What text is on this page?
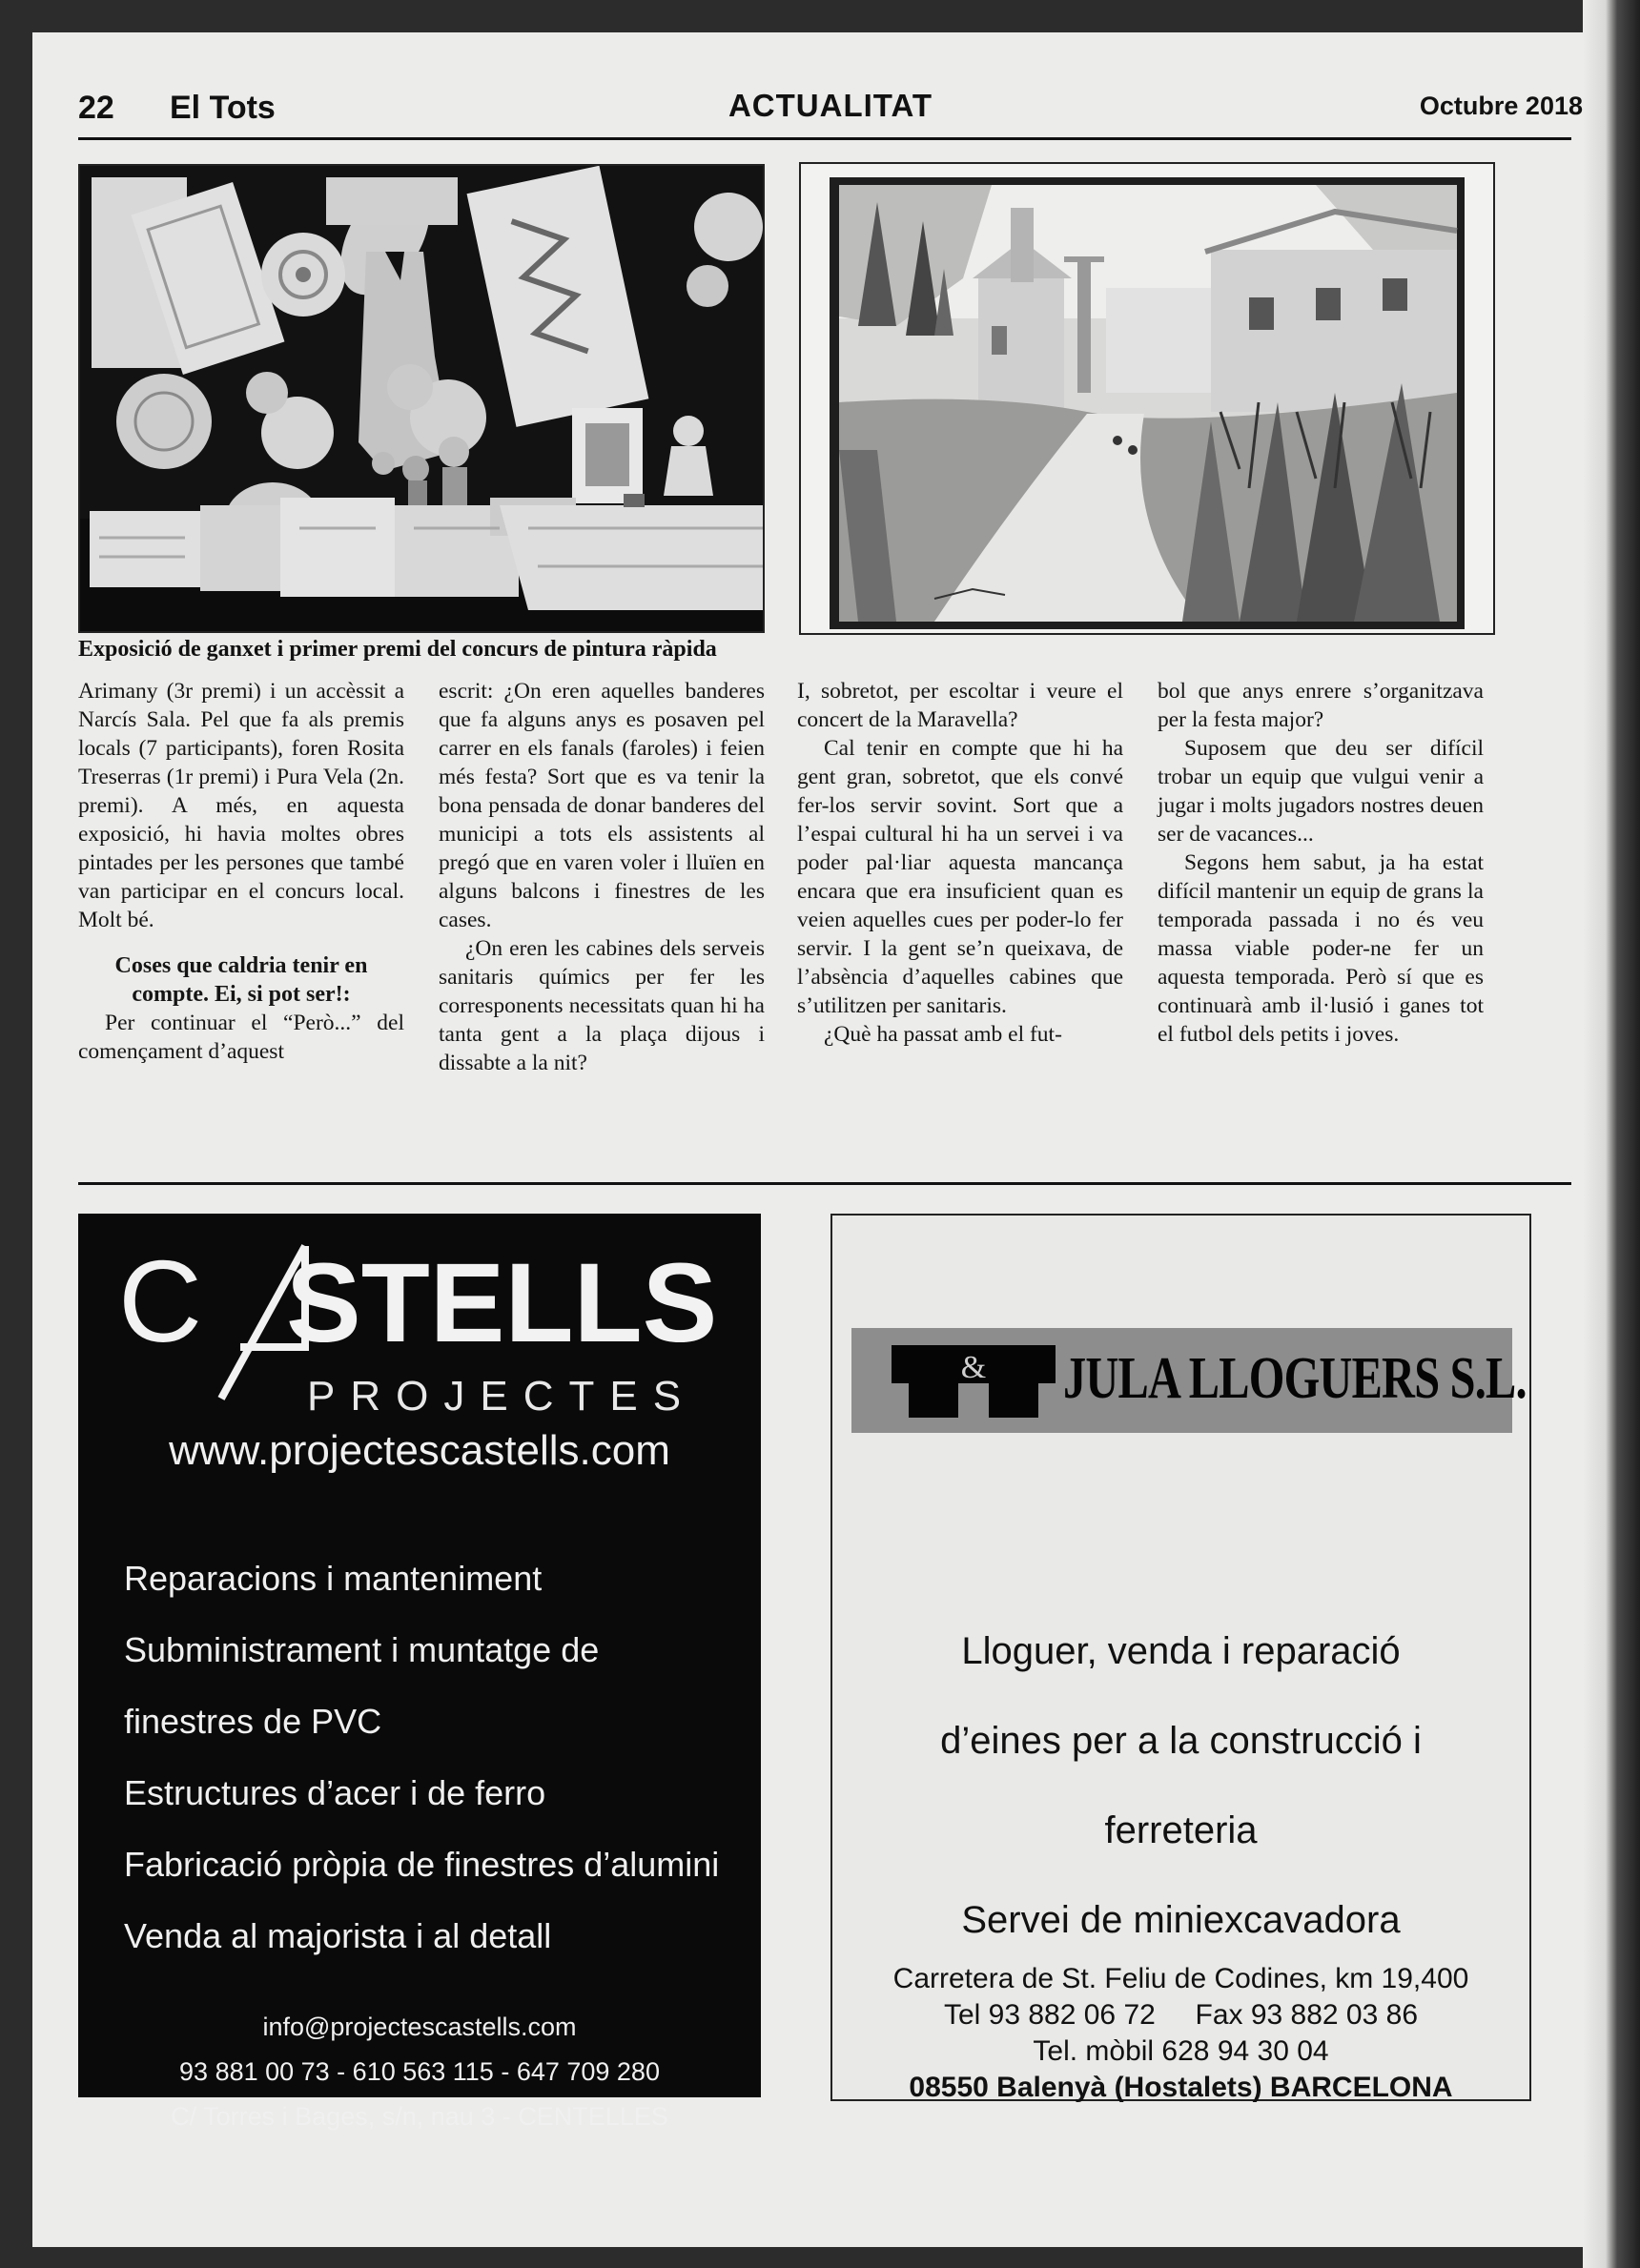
22 El Tots	ACTUALITAT	Octubre 2018
Exposició de ganxet i primer premi del concurs de pintura ràpida

Arimany (3r premi) i un accèssit a Narcís Sala. Pel que fa als premis locals (7 participants), foren Rosita Treserras (1r premi) i Pura Vela (2n. premi). A més, en aquesta exposició, hi havia moltes obres pintades per les persones que també van participar en el concurs local. Molt bé.

Coses que caldria tenir en compte. Ei, si pot ser!:

Per continuar el “Però...” del començament d’aquest

escrit: ¿On eren aquelles banderes que fa alguns anys es posaven pel carrer en els fanals (faroles) i feien més festa? Sort que es va tenir la bona pensada de donar banderes del municipi a tots els assistents al pregó que en varen voler i lluïen en alguns balcons i finestres de les cases.

¿On eren les cabines dels serveis sanitaris químics per fer les corresponents necessitats quan hi ha tanta gent a la plaça dijous i dissabte a la nit?

I, sobretot, per escoltar i veure el concert de la Maravella?

Cal tenir en compte que hi ha gent gran, sobretot, que els convé fer-los servir sovint. Sort que a l’espai cultural hi ha un servei i va poder pal·liar aquesta mancança encara que era insuficient quan es veien aquelles cues per poder-lo fer servir. I la gent se’n queixava, de l’absència d’aquelles cabines que s’utilitzen per sanitaris.

¿Què ha passat amb el fut-

bol que anys enrere s’organitzava per la festa major?

Suposem que deu ser difícil trobar un equip que vulgui venir a jugar i molts jugadors nostres deuen ser de vacances...

Segons hem sabut, ja ha estat difícil mantenir un equip de grans la temporada passada i no és veu massa viable poder-ne fer un aquesta temporada. Però sí que es continuarà amb il·lusió i ganes tot el futbol dels petits i joves.

C STELLS
PROJECTES
www.projectescastells.com
Reparacions i manteniment
Subministrament i muntatge de
finestres de PVC
Estructures d’acer i de ferro
Fabricació pròpia de finestres d’alumini
Venda al majorista i al detall
info@projectescastells.com
93 881 00 73 - 610 563 115 - 647 709 280
C/ Torres i Bages, s/n, nau 3 - CENTELLES
& JULA LLOGUERS S.L.
Lloguer, venda i reparació
d’eines per a la construcció i
ferreteria
Servei de miniexcavadora
Carretera de St. Feliu de Codines, km 19,400
Tel 93 882 06 72     Fax 93 882 03 86
Tel. mòbil 628 94 30 04
08550 Balenyà (Hostalets) BARCELONA
